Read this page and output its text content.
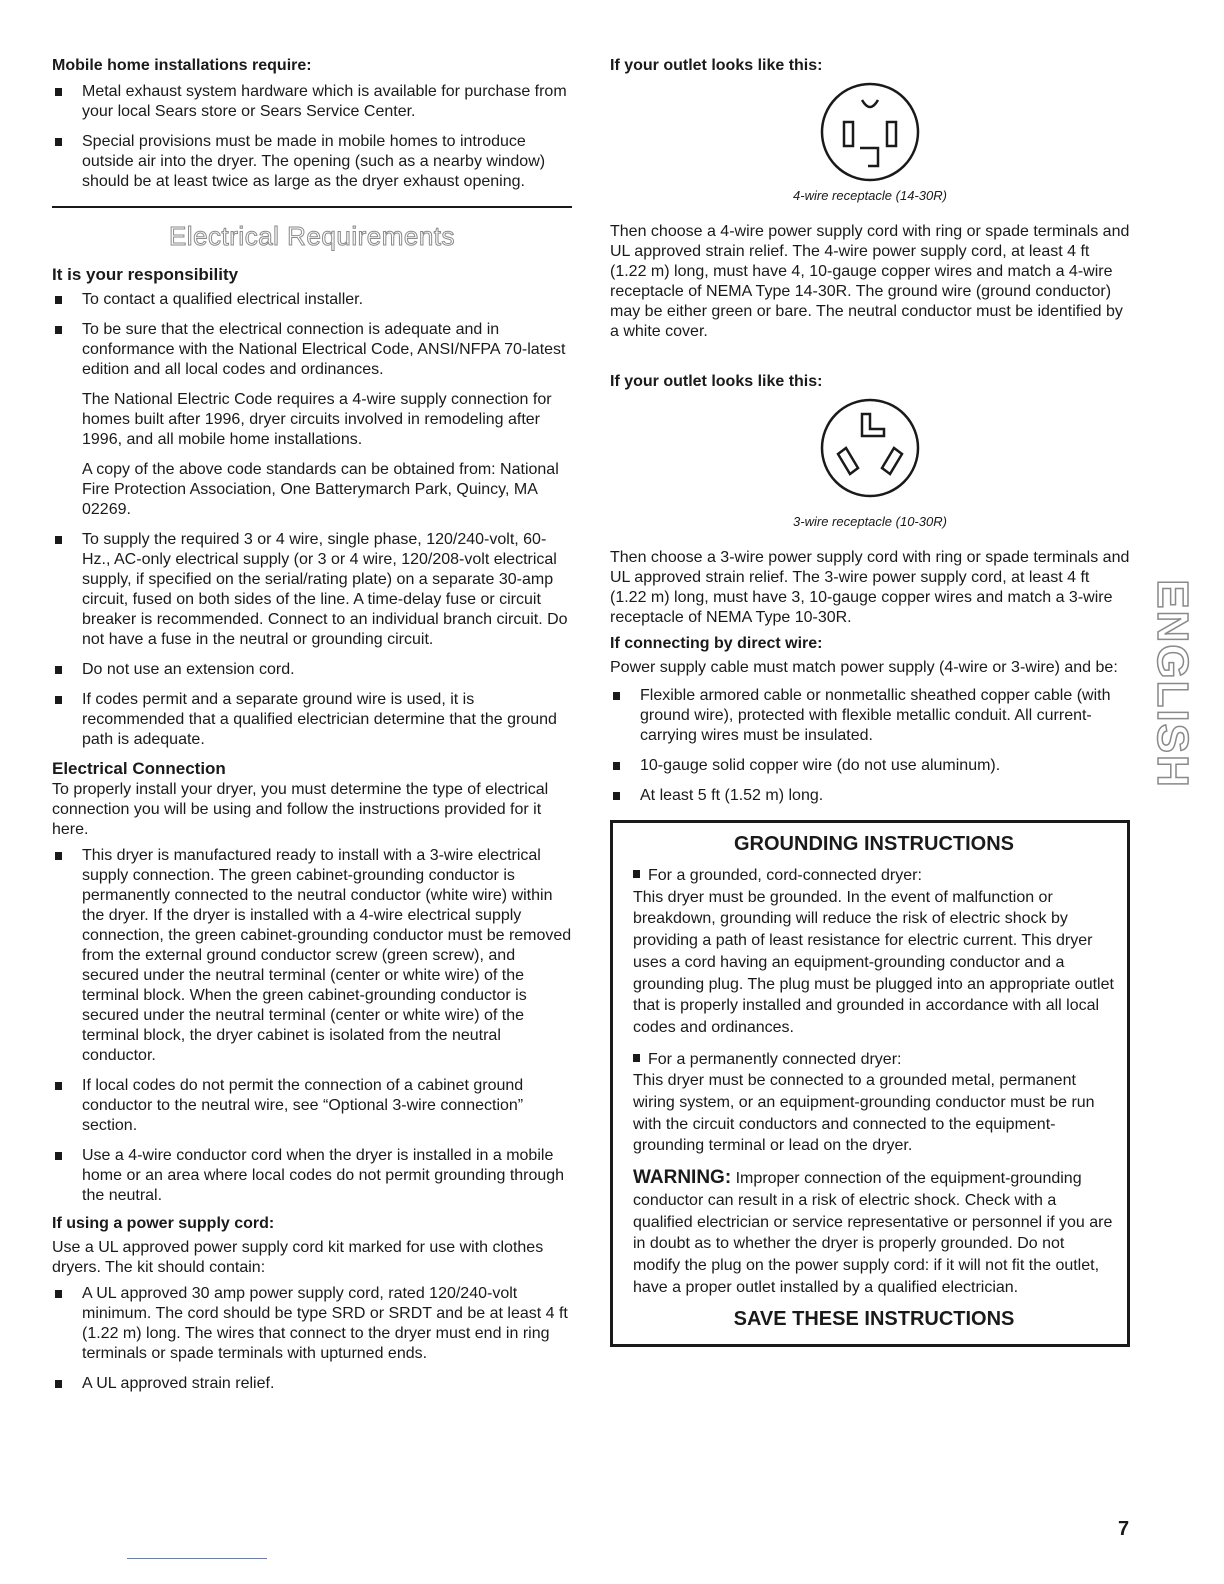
Mobile home installations require:

Metal exhaust system hardware which is available for purchase from your local Sears store or Sears Service Center.
Special provisions must be made in mobile homes to introduce outside air into the dryer. The opening (such as a nearby window) should be at least twice as large as the dryer exhaust opening.
Electrical Requirements

It is your responsibility

To contact a qualified electrical installer.
To be sure that the electrical connection is adequate and in conformance with the National Electrical Code, ANSI/NFPA 70-latest edition and all local codes and ordinances.

The National Electric Code requires a 4-wire supply connection for homes built after 1996, dryer circuits involved in remodeling after 1996, and all mobile home installations.

A copy of the above code standards can be obtained from: National Fire Protection Association, One Batterymarch Park, Quincy, MA 02269.

To supply the required 3 or 4 wire, single phase, 120/240-volt, 60-Hz., AC-only electrical supply (or 3 or 4 wire, 120/208-volt electrical supply, if specified on the serial/rating plate) on a separate 30-amp circuit, fused on both sides of the line. A time-delay fuse or circuit breaker is recommended. Connect to an individual branch circuit. Do not have a fuse in the neutral or grounding circuit.
Do not use an extension cord.
If codes permit and a separate ground wire is used, it is recommended that a qualified electrician determine that the ground path is adequate.

Electrical Connection

To properly install your dryer, you must determine the type of electrical connection you will be using and follow the instructions provided for it here.

This dryer is manufactured ready to install with a 3-wire electrical supply connection. The green cabinet-grounding conductor is permanently connected to the neutral conductor (white wire) within the dryer. If the dryer is installed with a 4-wire electrical supply connection, the green cabinet-grounding conductor must be removed from the external ground conductor screw (green screw), and secured under the neutral terminal (center or white wire) of the terminal block. When the green cabinet-grounding conductor is secured under the neutral terminal (center or white wire) of the terminal block, the dryer cabinet is isolated from the neutral conductor.
If local codes do not permit the connection of a cabinet ground conductor to the neutral wire, see “Optional 3-wire connection” section.
Use a 4-wire conductor cord when the dryer is installed in a mobile home or an area where local codes do not permit grounding through the neutral.

If using a power supply cord:

Use a UL approved power supply cord kit marked for use with clothes dryers. The kit should contain:

A UL approved 30 amp power supply cord, rated 120/240-volt minimum. The cord should be type SRD or SRDT and be at least 4 ft (1.22 m) long. The wires that connect to the dryer must end in ring terminals or spade terminals with upturned ends.
A UL approved strain relief.

If your outlet looks like this:

4-wire receptacle (14-30R)

Then choose a 4-wire power supply cord with ring or spade terminals and UL approved strain relief. The 4-wire power supply cord, at least 4 ft (1.22 m) long, must have 4, 10-gauge copper wires and match a 4-wire receptacle of NEMA Type 14-30R. The ground wire (ground conductor) may be either green or bare. The neutral conductor must be identified by a white cover.

If your outlet looks like this:

3-wire receptacle (10-30R)

Then choose a 3-wire power supply cord with ring or spade terminals and UL approved strain relief. The 3-wire power supply cord, at least 4 ft (1.22 m) long, must have 3, 10-gauge copper wires and match a 3-wire receptacle of NEMA Type 10-30R.

If connecting by direct wire:

Power supply cable must match power supply (4-wire or 3-wire) and be:

Flexible armored cable or nonmetallic sheathed copper cable (with ground wire), protected with flexible metallic conduit. All current-carrying wires must be insulated.
10-gauge solid copper wire (do not use aluminum).
At least 5 ft (1.52 m) long.
GROUNDING INSTRUCTIONS

For a grounded, cord-connected dryer:

This dryer must be grounded. In the event of malfunction or breakdown, grounding will reduce the risk of electric shock by providing a path of least resistance for electric current. This dryer uses a cord having an equipment-grounding conductor and a grounding plug. The plug must be plugged into an appropriate outlet that is properly installed and grounded in accordance with all local codes and ordinances.

For a permanently connected dryer:

This dryer must be connected to a grounded metal, permanent wiring system, or an equipment-grounding conductor must be run with the circuit conductors and connected to the equipment-grounding terminal or lead on the dryer.

WARNING: Improper connection of the equipment-grounding conductor can result in a risk of electric shock. Check with a qualified electrician or service representative or personnel if you are in doubt as to whether the dryer is properly grounded. Do not modify the plug on the power supply cord: if it will not fit the outlet, have a proper outlet installed by a qualified electrician.

SAVE THESE INSTRUCTIONS
ENGLISH
7
